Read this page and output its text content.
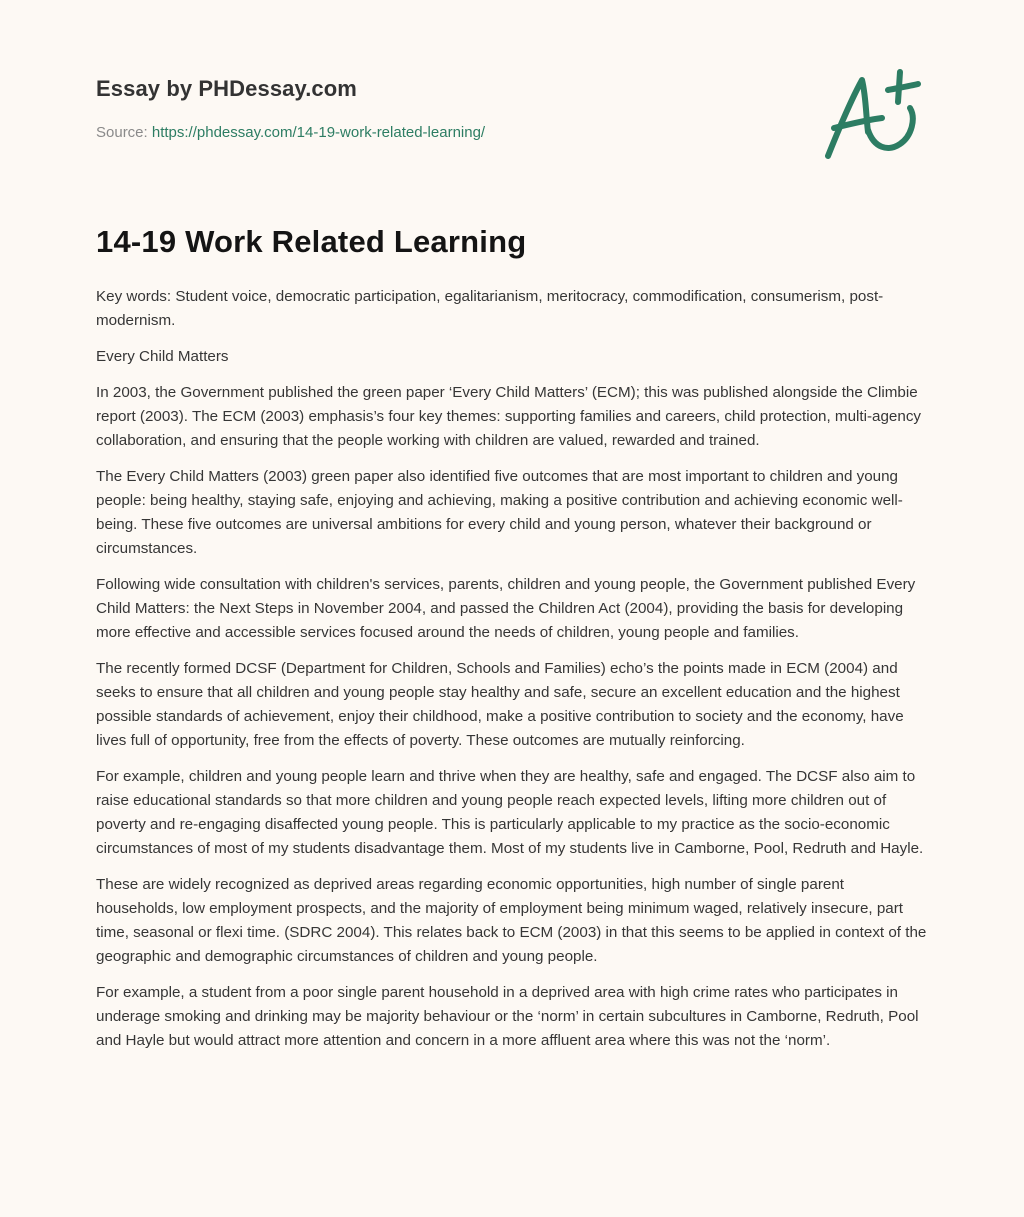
Essay by PHDessay.com

Source: https://phdessay.com/14-19-work-related-learning/

14-19 Work Related Learning

Key words: Student voice, democratic participation, egalitarianism, meritocracy, commodification, consumerism, post-modernism.

Every Child Matters

In 2003, the Government published the green paper ‘Every Child Matters’ (ECM); this was published alongside the Climbie report (2003). The ECM (2003) emphasis’s four key themes: supporting families and careers, child protection, multi-agency collaboration, and ensuring that the people working with children are valued, rewarded and trained.

The Every Child Matters (2003) green paper also identified five outcomes that are most important to children and young people: being healthy, staying safe, enjoying and achieving, making a positive contribution and achieving economic well-being. These five outcomes are universal ambitions for every child and young person, whatever their background or circumstances.

Following wide consultation with children's services, parents, children and young people, the Government published Every Child Matters: the Next Steps in November 2004, and passed the Children Act (2004), providing the basis for developing more effective and accessible services focused around the needs of children, young people and families.

The recently formed DCSF (Department for Children, Schools and Families) echo’s the points made in ECM (2004) and seeks to ensure that all children and young people stay healthy and safe, secure an excellent education and the highest possible standards of achievement, enjoy their childhood, make a positive contribution to society and the economy, have lives full of opportunity, free from the effects of poverty. These outcomes are mutually reinforcing.

For example, children and young people learn and thrive when they are healthy, safe and engaged. The DCSF also aim to raise educational standards so that more children and young people reach expected levels, lifting more children out of poverty and re-engaging disaffected young people. This is particularly applicable to my practice as the socio-economic circumstances of most of my students disadvantage them. Most of my students live in Camborne, Pool, Redruth and Hayle.

These are widely recognized as deprived areas regarding economic opportunities, high number of single parent households, low employment prospects, and the majority of employment being minimum waged, relatively insecure, part time, seasonal or flexi time. (SDRC 2004). This relates back to ECM (2003) in that this seems to be applied in context of the geographic and demographic circumstances of children and young people.

For example, a student from a poor single parent household in a deprived area with high crime rates who participates in underage smoking and drinking may be majority behaviour or the ‘norm’ in certain subcultures in Camborne, Redruth, Pool and Hayle but would attract more attention and concern in a more affluent area where this was not the ‘norm’.
